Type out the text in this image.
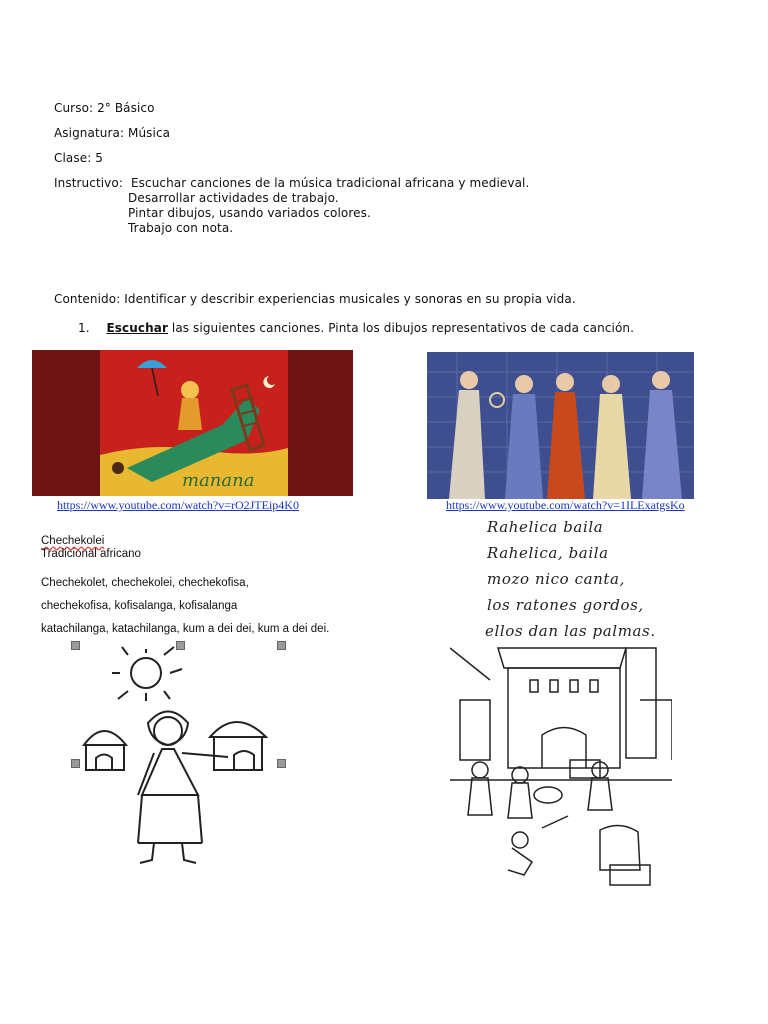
Curso: 2° Básico
Asignatura: Música
Clase: 5
Instructivo: Escuchar canciones de la música tradicional africana y medieval.
Desarrollar actividades de trabajo.
Pintar dibujos, usando variados colores.
Trabajo con nota.
Contenido: Identificar y describir experiencias musicales y sonoras en su propia vida.
1. Escuchar las siguientes canciones. Pinta los dibujos representativos de cada canción.
manana
https://www.youtube.com/watch?v=rO2JTEip4K0	https://www.youtube.com/watch?v=1ILExatgsKo
Chechekolei
Tradicional africano
Chechekolet, chechekolei, chechekofisa,
chechekofisa, kofisalanga, kofisalanga
katachilanga, katachilanga, kum a dei dei, kum a dei dei.
Rahelica baila
Rahelica, baila
mozo nico canta,
los ratones gordos,
ellos dan las palmas.
